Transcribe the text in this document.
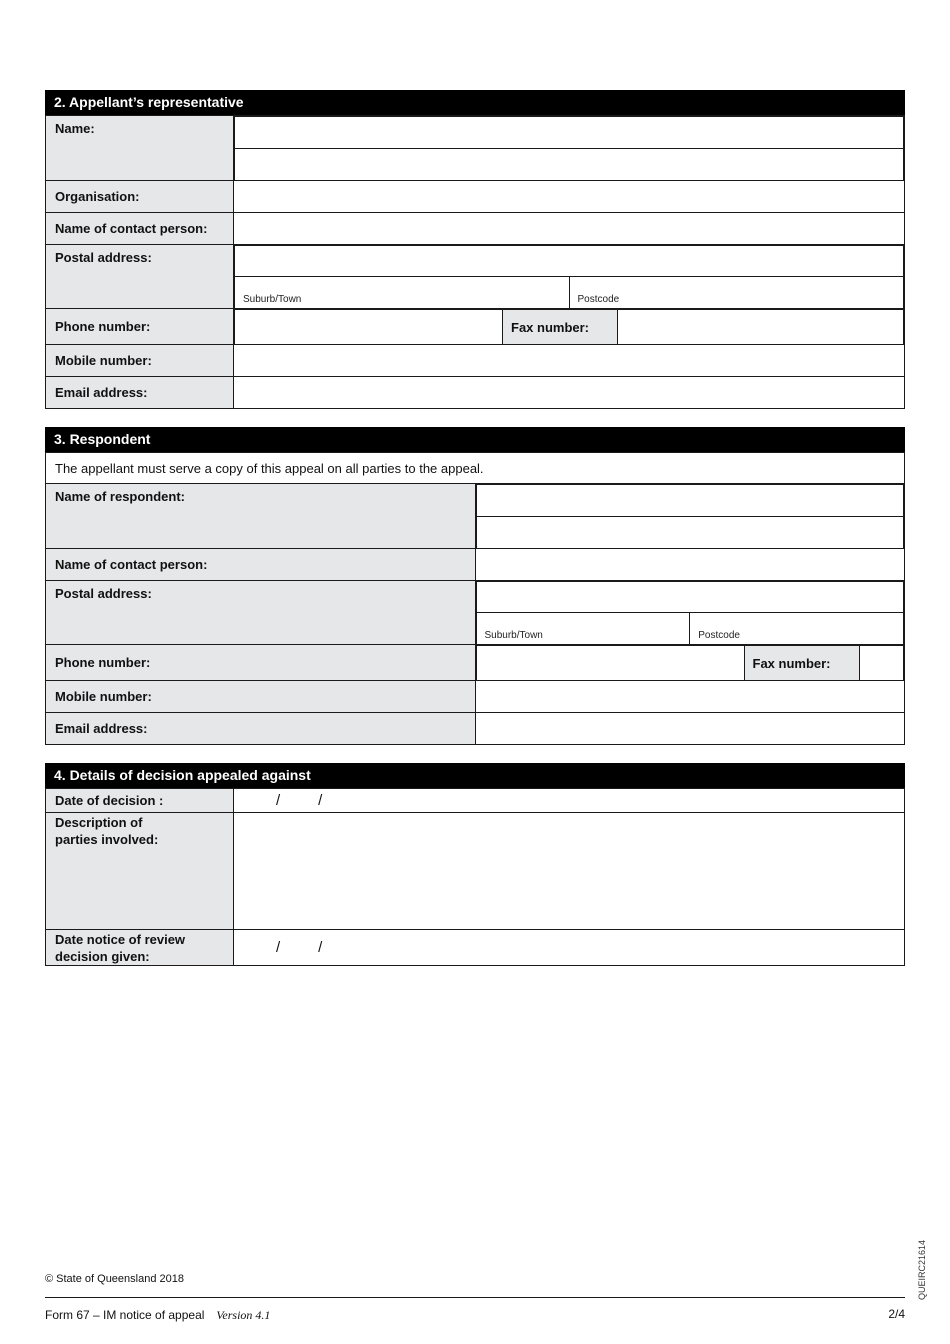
2. Appellant’s representative
Name:	

Organisation:	
Name of contact person:	
Postal address:	

Suburb/Town	Postcode

Phone number:	
		Fax number:	

Mobile number:	
Email address:	
3. Respondent
The appellant must serve a copy of this appeal on all parties to the appeal.
Name of respondent:	

Name of contact person:	
Postal address:	

Suburb/Town	Postcode

Phone number:	
		Fax number:	

Mobile number:	
Email address:	
4. Details of decision appealed against
Date of decision :	/ /

Description of
parties involved:	

Date notice of review
decision given:	/ /
© State of Queensland 2018	QUEIRC21614
Form 67 – IM notice of appeal Version 4.1	2/4
